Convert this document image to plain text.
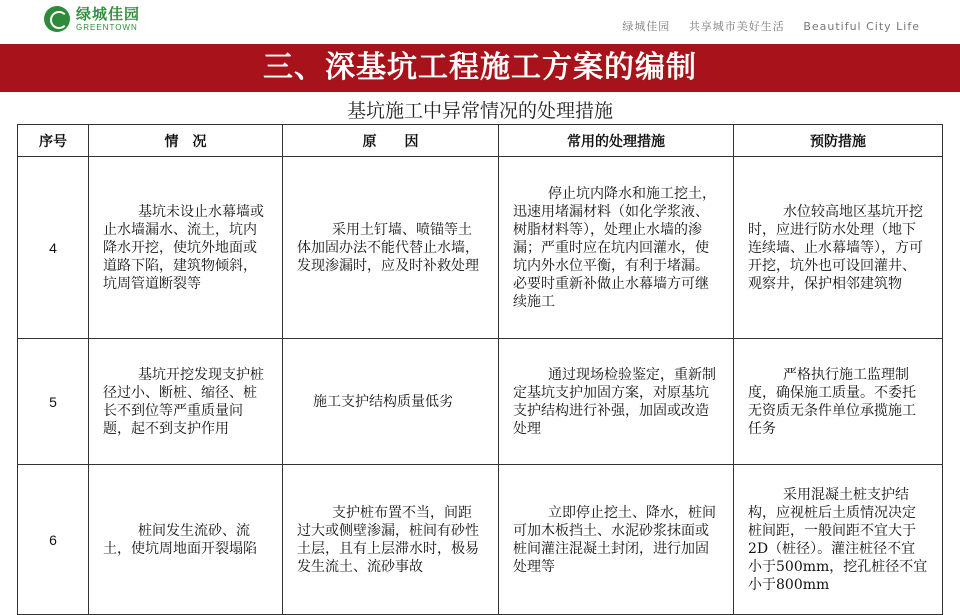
绿城佳园
GREENTOWN	绿城佳园 共享城市美好生活 Beautiful City Life
三、深基坑工程施工方案的编制
基坑施工中异常情况的处理措施
序号	情　况	原　　因	常用的处理措施	预防措施
4	基坑未设止水幕墙或止水墙漏水、流土，坑内降水开挖，使坑外地面或道路下陷，建筑物倾斜，坑周管道断裂等	采用土钉墙、喷锚等土体加固办法不能代替止水墙，发现渗漏时，应及时补救处理	停止坑内降水和施工挖土，迅速用堵漏材料（如化学浆液、树脂材料等），处理止水墙的渗漏；严重时应在坑内回灌水，使坑内外水位平衡，有利于堵漏。必要时重新补做止水幕墙方可继续施工	水位较高地区基坑开挖时，应进行防水处理（地下连续墙、止水幕墙等），方可开挖，坑外也可设回灌井、观察井，保护相邻建筑物

5	基坑开挖发现支护桩径过小、断桩、缩径、桩长不到位等严重质量问题，起不到支护作用	施工支护结构质量低劣	通过现场检验鉴定，重新制定基坑支护加固方案，对原基坑支护结构进行补强，加固或改造处理	严格执行施工监理制度，确保施工质量。不委托无资质无条件单位承揽施工任务

6	桩间发生流砂、流土，使坑周地面开裂塌陷	支护桩布置不当，间距过大或侧壁渗漏，桩间有砂性土层，且有上层滞水时，极易发生流土、流砂事故	立即停止挖土、降水，桩间可加木板挡土、水泥砂浆抹面或桩间灌注混凝土封闭，进行加固处理等	采用混凝土桩支护结构，应视桩后土质情况决定桩间距，一般间距不宜大于2D（桩径）。灌注桩径不宜小于500mm，挖孔桩径不宜小于800mm
